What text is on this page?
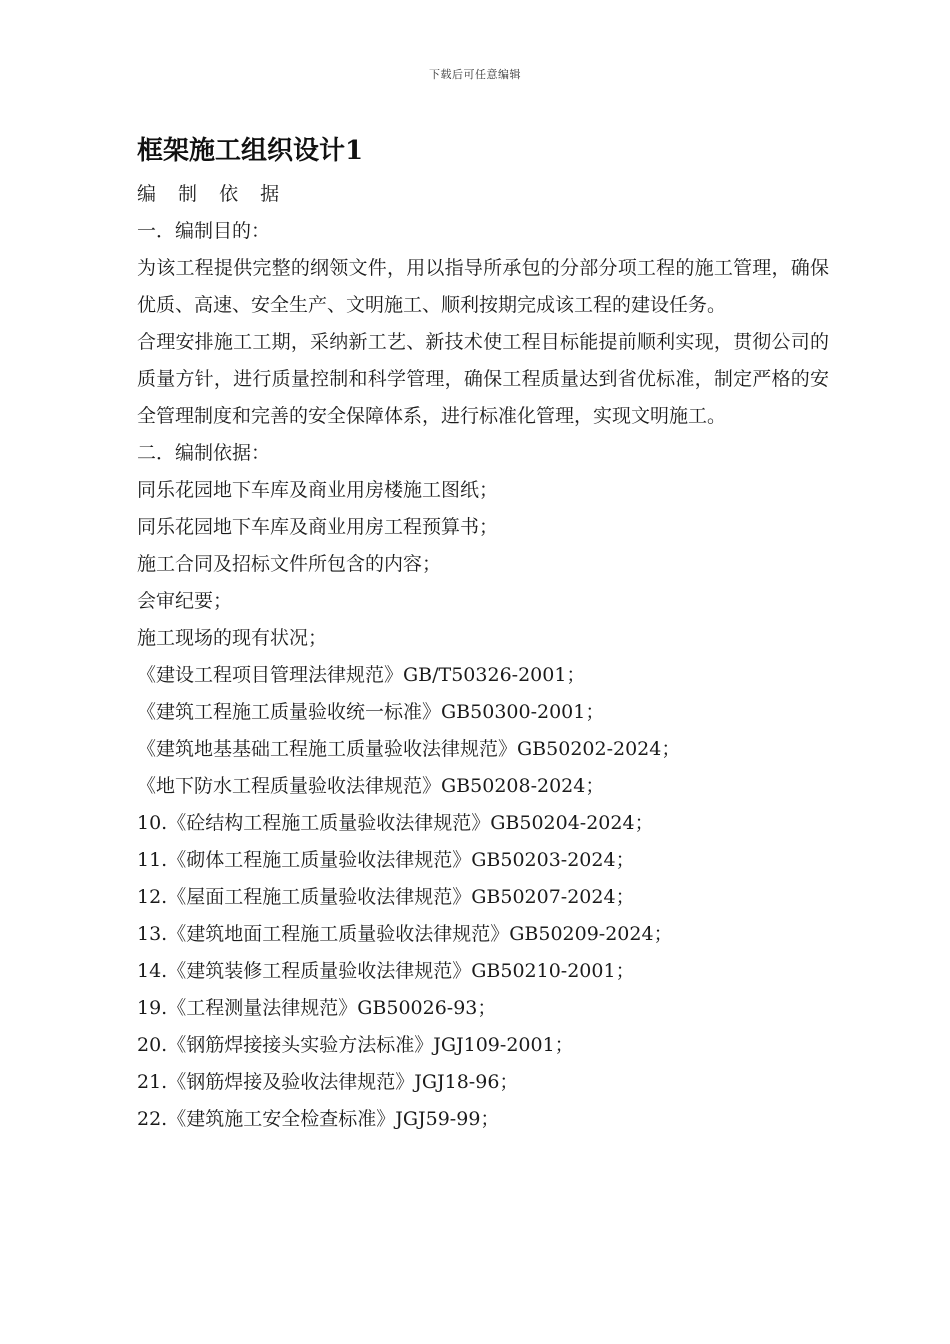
下载后可任意编辑
框架施工组织设计1

编 制 依 据

一．编制目的：

为该工程提供完整的纲领文件，用以指导所承包的分部分项工程的施工管理，确保优质、高速、安全生产、文明施工、顺利按期完成该工程的建设任务。

合理安排施工工期，采纳新工艺、新技术使工程目标能提前顺利实现，贯彻公司的质量方针，进行质量控制和科学管理，确保工程质量达到省优标准，制定严格的安全管理制度和完善的安全保障体系，进行标准化管理，实现文明施工。

二．编制依据：

同乐花园地下车库及商业用房楼施工图纸；

同乐花园地下车库及商业用房工程预算书；

施工合同及招标文件所包含的内容；

会审纪要；

施工现场的现有状况；

《建设工程项目管理法律规范》GB/T50326-2001；

《建筑工程施工质量验收统一标准》GB50300-2001；

《建筑地基基础工程施工质量验收法律规范》GB50202-2024；

《地下防水工程质量验收法律规范》GB50208-2024；

10.《砼结构工程施工质量验收法律规范》GB50204-2024；

11.《砌体工程施工质量验收法律规范》GB50203-2024；

12.《屋面工程施工质量验收法律规范》GB50207-2024；

13.《建筑地面工程施工质量验收法律规范》GB50209-2024；

14.《建筑装修工程质量验收法律规范》GB50210-2001；

19.《工程测量法律规范》GB50026-93；

20.《钢筋焊接接头实验方法标准》JGJ109-2001；

21.《钢筋焊接及验收法律规范》JGJ18-96；

22.《建筑施工安全检查标准》JGJ59-99；
